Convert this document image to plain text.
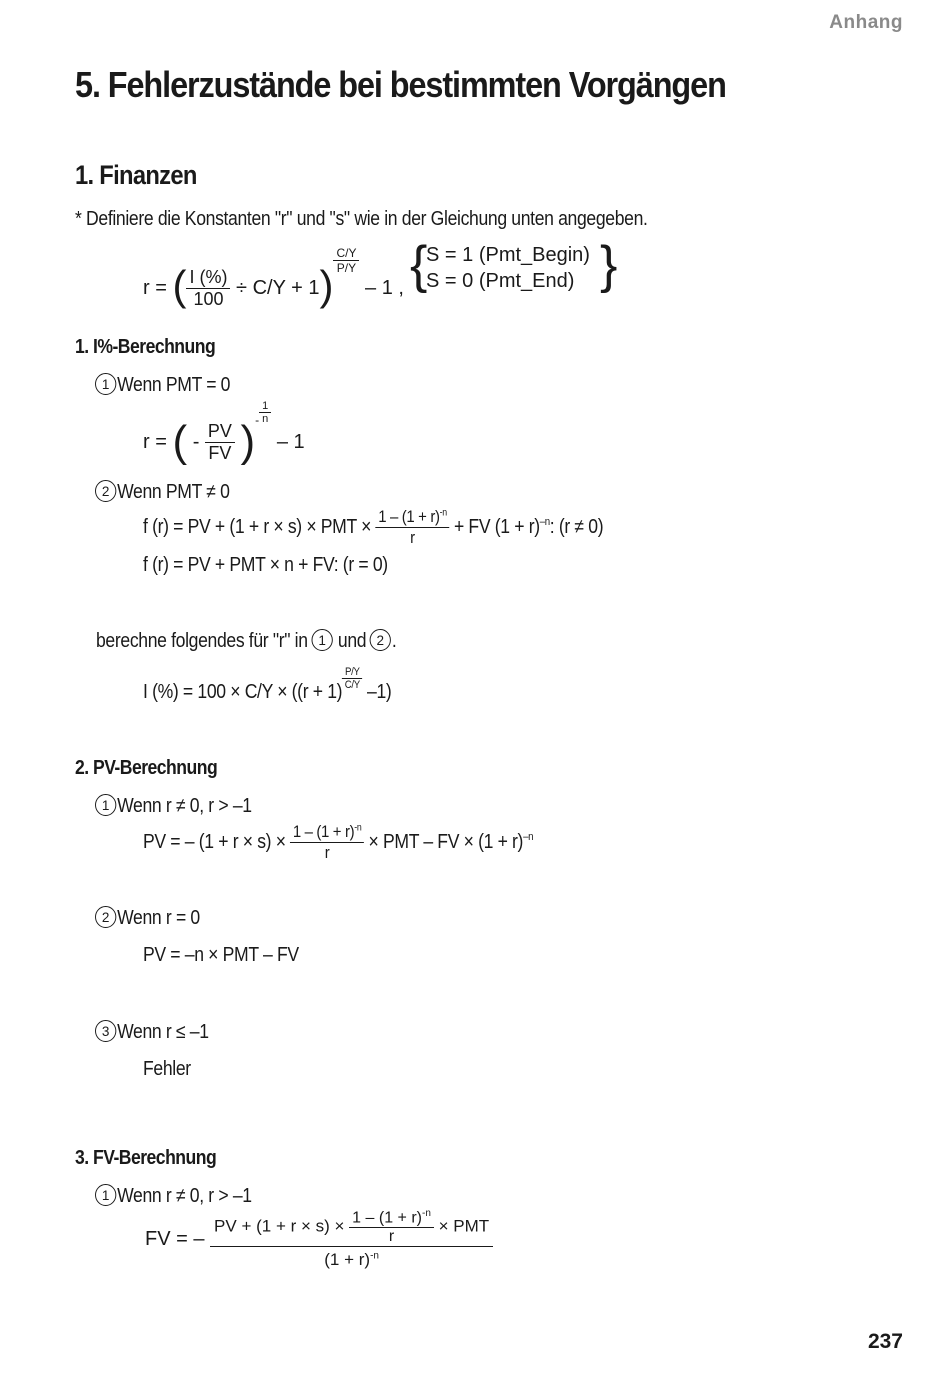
Anhang
5. Fehlerzustände bei bestimmten Vorgängen
1. Finanzen
* Definiere die Konstanten "r" und "s" wie in der Gleichung unten angegeben.
r = ( $\frac{I (\%)}{100} \div C/Y + 1$)
$\frac{C/Y}{P/Y}$
– 1 , {
S = 1 (Pmt_Begin)
S = 0 (Pmt_End) }
1. I%-Berechnung
1 Wenn PMT = 0
r = ( - $\frac{PV}{FV} )^- \frac{1}{n}$
– 1
2 Wenn PMT ≠ 0
f (r) = PV + (1 + r × s) × PMT × $\frac{1 - (1 + r)^{-n}}{r}$ + FV $(1 + r)^{-n}$: (r ≠ 0)
f (r) = PV + PMT × n + FV: (r = 0)
berechne folgendes für "r" in 1 und 2 .
I (%) = 100 × C/Y × ((r + 1)
$\frac{P/Y}{C/Y}$
–1)
2. PV-Berechnung
1 Wenn r ≠ 0, r > –1
PV = – $(1 + r \times s) \times \frac{1 - (1 + r)^{-n}}{r}$ × PMT – FV × $(1 + r)^{-n}$
2 Wenn r = 0
PV = –n × PMT – FV
3 Wenn r ≤ –1
Fehler
3. FV-Berechnung
1 Wenn r ≠ 0, r > –1
FV = – $\frac{PV + (1 + r \times s) \times \frac{1 - (1 + r)^{-n}}{r} \times PMT}{(1 + r)^{-n}}$
237
